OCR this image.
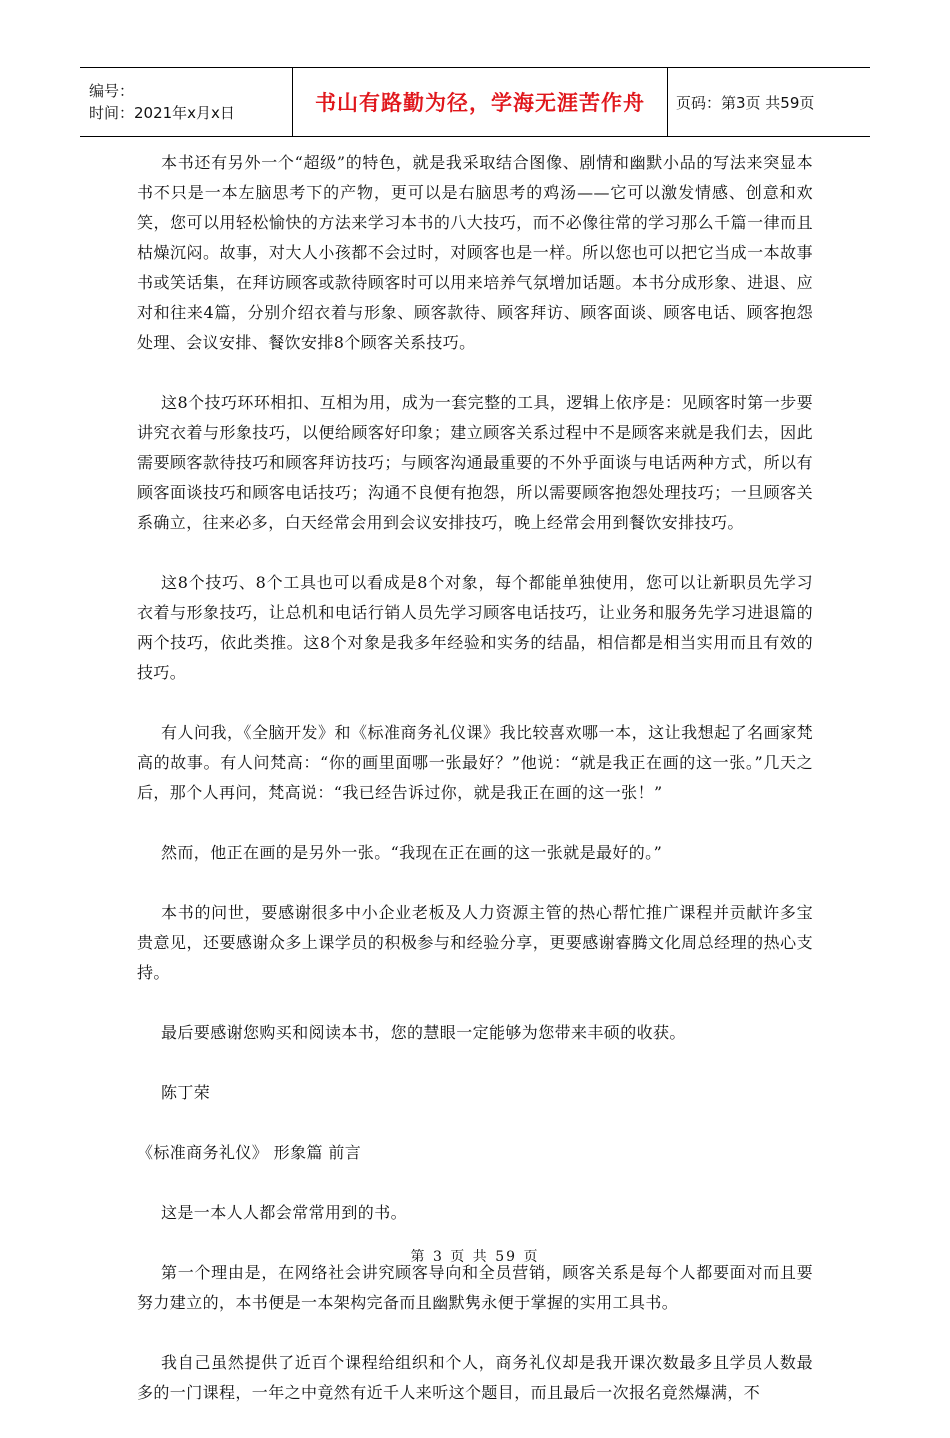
编号：
时间：2021年x月x日	书山有路勤为径，学海无涯苦作舟	页码：第3页 共59页

本书还有另外一个“超级”的特色，就是我采取结合图像、剧情和幽默小品的写法来突显本书不只是一本左脑思考下的产物，更可以是右脑思考的鸡汤——它可以激发情感、创意和欢笑，您可以用轻松愉快的方法来学习本书的八大技巧，而不必像往常的学习那么千篇一律而且枯燥沉闷。故事，对大人小孩都不会过时，对顾客也是一样。所以您也可以把它当成一本故事书或笑话集，在拜访顾客或款待顾客时可以用来培养气氛增加话题。本书分成形象、进退、应对和往来4篇，分别介绍衣着与形象、顾客款待、顾客拜访、顾客面谈、顾客电话、顾客抱怨处理、会议安排、餐饮安排8个顾客关系技巧。

这8个技巧环环相扣、互相为用，成为一套完整的工具，逻辑上依序是：见顾客时第一步要讲究衣着与形象技巧，以便给顾客好印象；建立顾客关系过程中不是顾客来就是我们去，因此需要顾客款待技巧和顾客拜访技巧；与顾客沟通最重要的不外乎面谈与电话两种方式，所以有顾客面谈技巧和顾客电话技巧；沟通不良便有抱怨，所以需要顾客抱怨处理技巧；一旦顾客关系确立，往来必多，白天经常会用到会议安排技巧，晚上经常会用到餐饮安排技巧。

这8个技巧、8个工具也可以看成是8个对象，每个都能单独使用，您可以让新职员先学习衣着与形象技巧，让总机和电话行销人员先学习顾客电话技巧，让业务和服务先学习进退篇的两个技巧，依此类推。这8个对象是我多年经验和实务的结晶，相信都是相当实用而且有效的技巧。

有人问我，《全脑开发》和《标准商务礼仪课》我比较喜欢哪一本，这让我想起了名画家梵高的故事。有人问梵高：“你的画里面哪一张最好？”他说：“就是我正在画的这一张。”几天之后，那个人再问，梵高说：“我已经告诉过你，就是我正在画的这一张！”

然而，他正在画的是另外一张。“我现在正在画的这一张就是最好的。”

本书的问世，要感谢很多中小企业老板及人力资源主管的热心帮忙推广课程并贡献许多宝贵意见，还要感谢众多上课学员的积极参与和经验分享，更要感谢睿腾文化周总经理的热心支持。

最后要感谢您购买和阅读本书，您的慧眼一定能够为您带来丰硕的收获。

陈丁荣

《标准商务礼仪》 形象篇 前言

这是一本人人都会常常用到的书。

第一个理由是，在网络社会讲究顾客导向和全员营销，顾客关系是每个人都要面对而且要努力建立的，本书便是一本架构完备而且幽默隽永便于掌握的实用工具书。

我自己虽然提供了近百个课程给组织和个人，商务礼仪却是我开课次数最多且学员人数最多的一门课程，一年之中竟然有近千人来听这个题目，而且最后一次报名竟然爆满，不

第 3 页 共 59 页
